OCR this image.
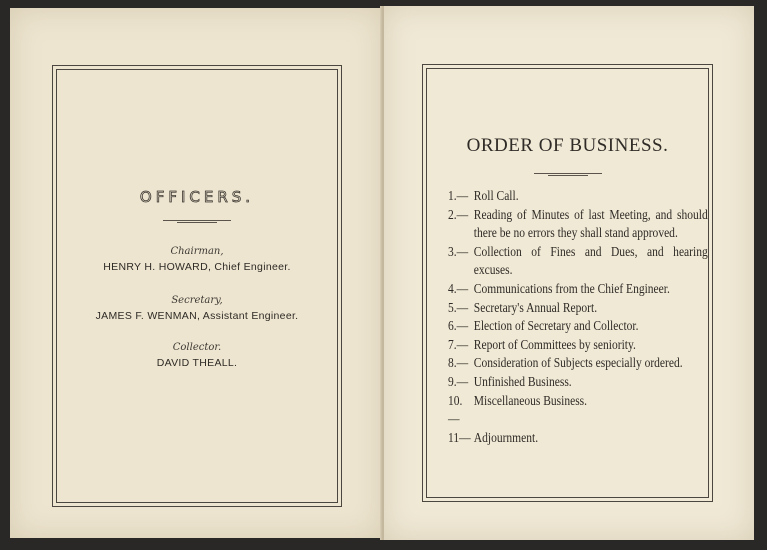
OFFICERS.
Chairman,
HENRY H. HOWARD, Chief Engineer.
Secretary,
JAMES F. WENMAN, Assistant Engineer.
Collector.
DAVID THEALL.
ORDER OF BUSINESS.
1.— Roll Call.
2.— Reading of Minutes of last Meeting, and should there be no errors they shall stand approved.
3.— Collection of Fines and Dues, and hearing excuses.
4.— Communications from the Chief Engineer.
5.— Secretary's Annual Report.
6.— Election of Secretary and Collector.
7.— Report of Committees by seniority.
8.— Consideration of Subjects especially ordered.
9.— Unfinished Business.
10.—
Miscellaneous Business.
11— Adjournment.
